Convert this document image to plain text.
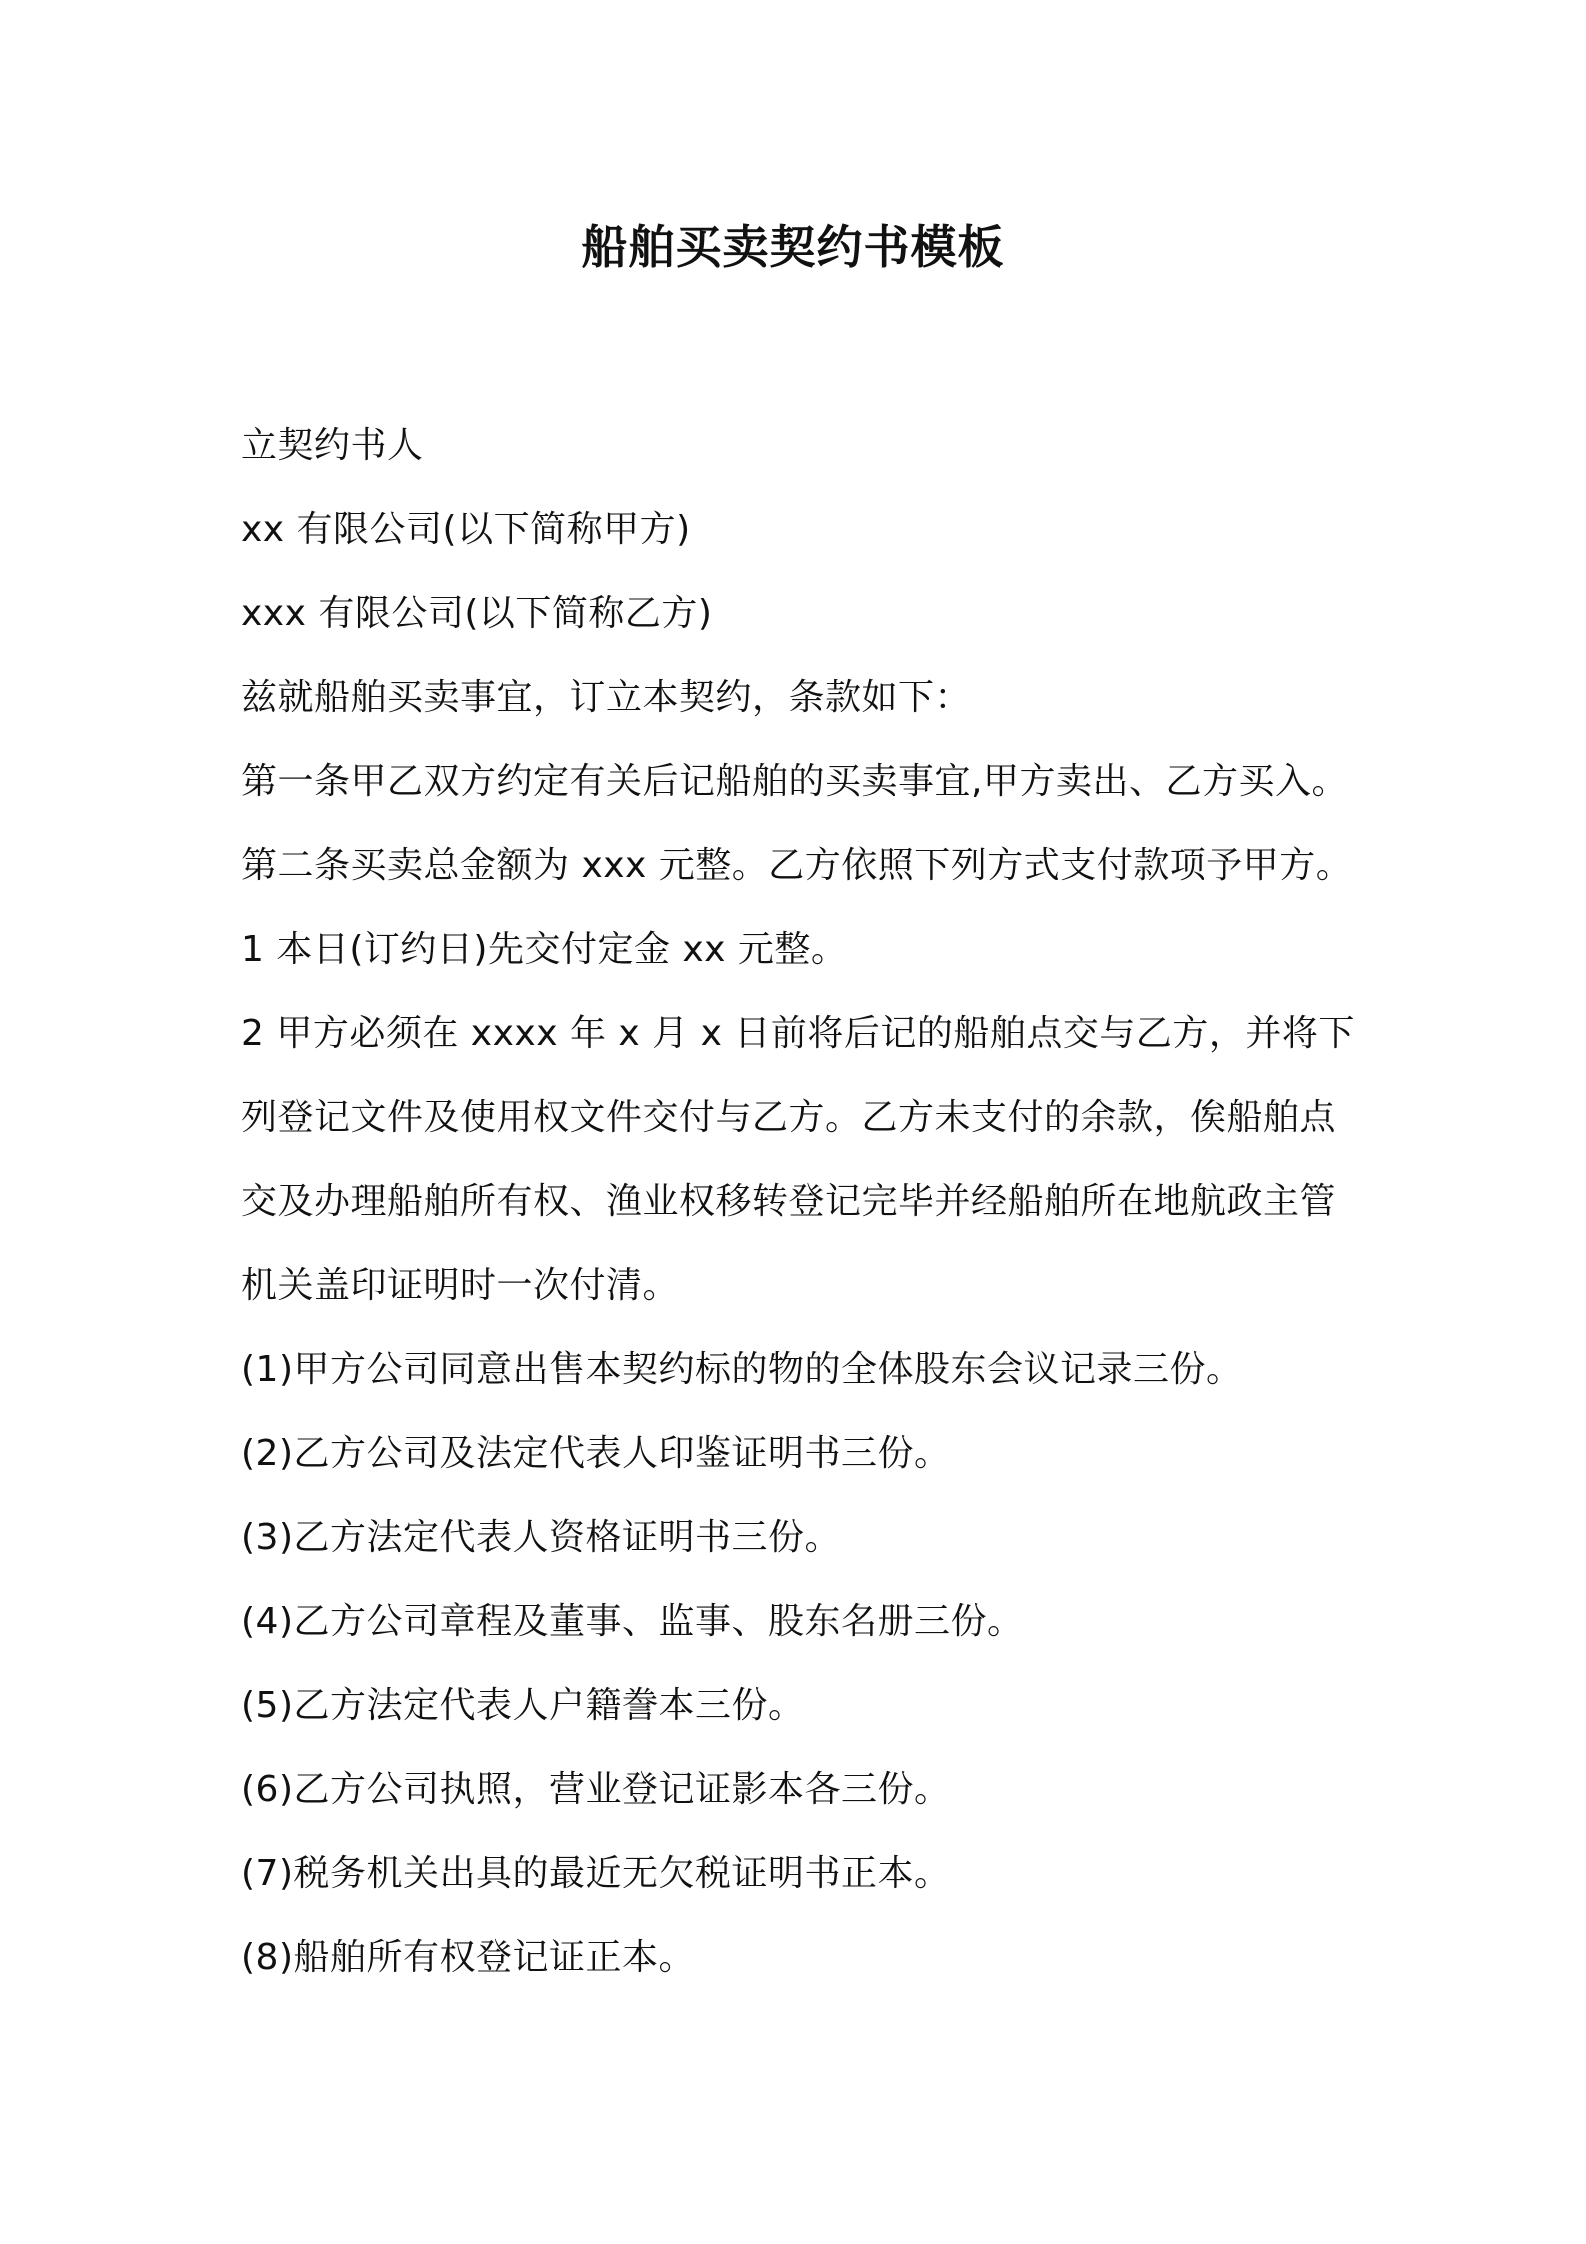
船舶买卖契约书模板
立契约书人
xx 有限公司(以下简称甲方)
xxx 有限公司(以下简称乙方)
兹就船舶买卖事宜，订立本契约，条款如下：
第一条甲乙双方约定有关后记船舶的买卖事宜,甲方卖出、乙方买入。
第二条买卖总金额为 xxx 元整。乙方依照下列方式支付款项予甲方。
1 本日(订约日)先交付定金 xx 元整。
2 甲方必须在 xxxx 年 x 月 x 日前将后记的船舶点交与乙方，并将下
列登记文件及使用权文件交付与乙方。乙方未支付的余款，俟船舶点
交及办理船舶所有权、渔业权移转登记完毕并经船舶所在地航政主管
机关盖印证明时一次付清。
(1)甲方公司同意出售本契约标的物的全体股东会议记录三份。
(2)乙方公司及法定代表人印鉴证明书三份。
(3)乙方法定代表人资格证明书三份。
(4)乙方公司章程及董事、监事、股东名册三份。
(5)乙方法定代表人户籍誊本三份。
(6)乙方公司执照，营业登记证影本各三份。
(7)税务机关出具的最近无欠税证明书正本。
(8)船舶所有权登记证正本。
